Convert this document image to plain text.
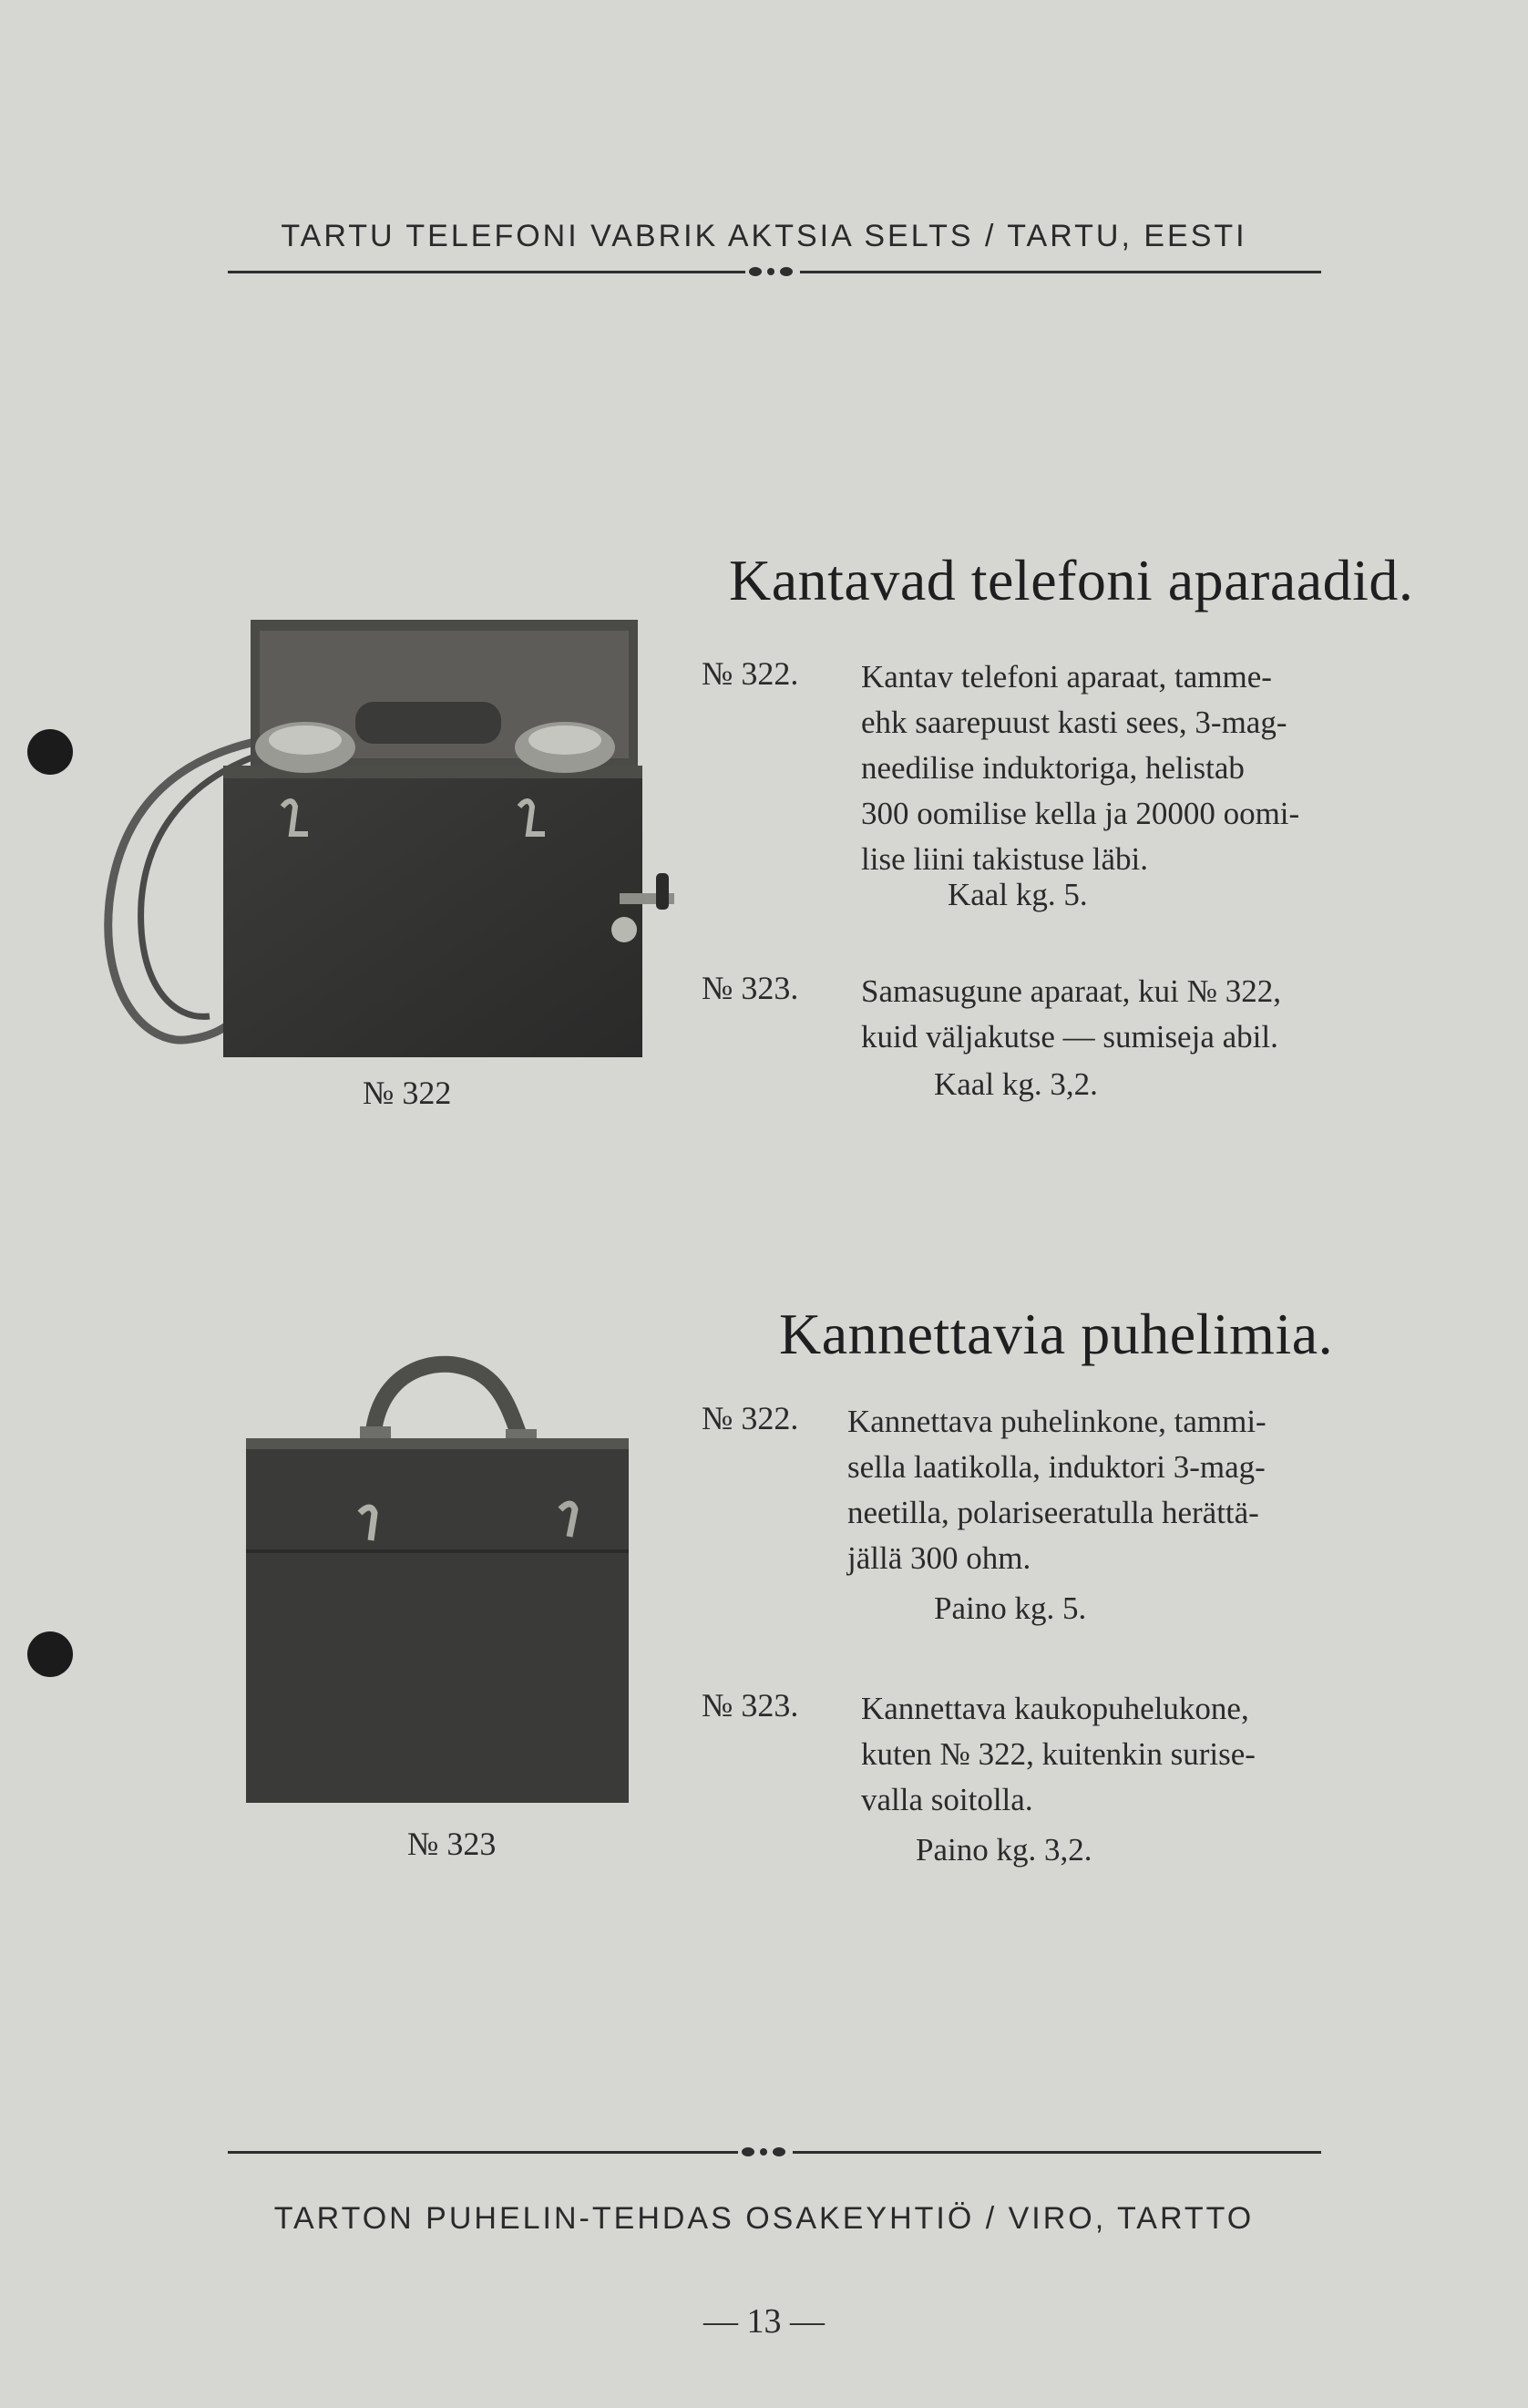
TARTU TELEFONI VABRIK AKTSIA SELTS / TARTU, EESTI
Kantavad telefoni aparaadid.
№ 322
№ 322. Kantav telefoni aparaat, tamme-
ehk saarepuust kasti sees, 3-mag-
needilise induktoriga, helistab
300 oomilise kella ja 20000 oomi-
lise liini takistuse läbi.
Kaal kg. 5.
№ 323. Samasugune aparaat, kui № 322,
kuid väljakutse — sumiseja abil.
Kaal kg. 3,2.
Kannettavia puhelimia.
№ 323
№ 322. Kannettava puhelinkone, tammi-
sella laatikolla, induktori 3-mag-
neetilla, polariseeratulla herättä-
jällä 300 ohm.
Paino kg. 5.
№ 323. Kannettava kaukopuhelukone,
kuten № 322, kuitenkin surise-
valla soitolla.
Paino kg. 3,2.
TARTON PUHELIN-TEHDAS OSAKEYHTIÖ / VIRO, TARTTO
— 13 —
